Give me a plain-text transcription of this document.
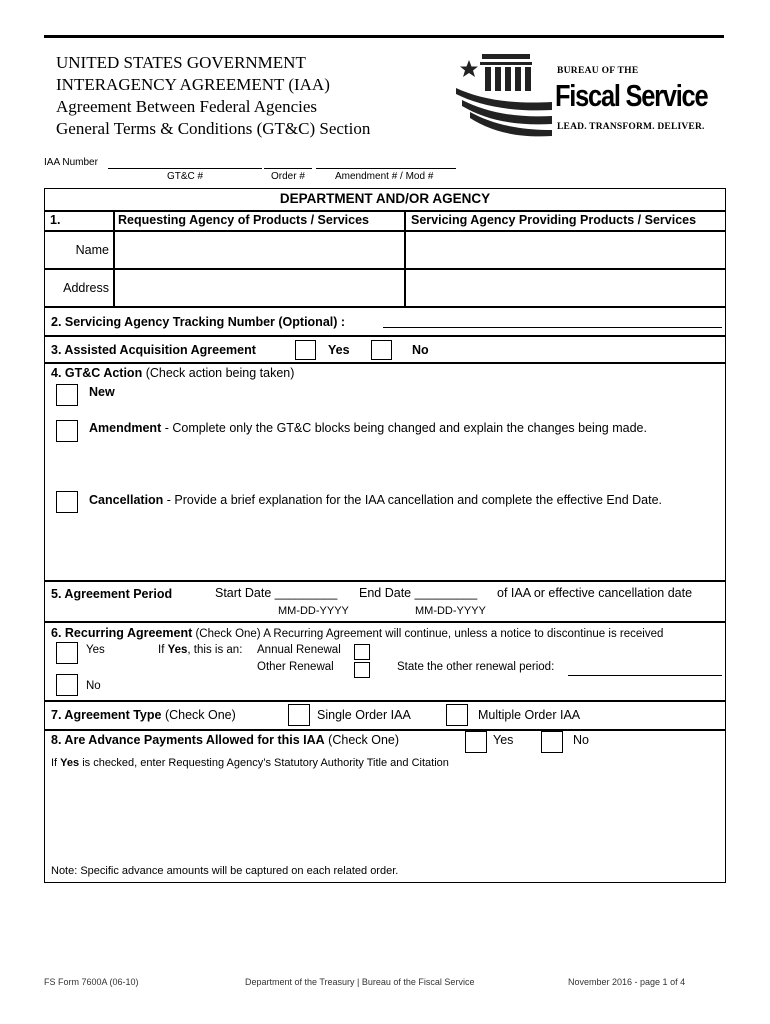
UNITED STATES GOVERNMENT
INTERAGENCY AGREEMENT (IAA)
Agreement Between Federal Agencies
General Terms & Conditions (GT&C) Section
BUREAU OF THE
Fiscal Service
LEAD. TRANSFORM. DELIVER.
IAA Number
GT&C #	Order #	Amendment # / Mod #
DEPARTMENT AND/OR AGENCY
1.	Requesting Agency of Products / Services	Servicing Agency Providing Products / Services
Name
Address
2. Servicing Agency Tracking Number (Optional) :
3. Assisted Acquisition Agreement	Yes	No
4. GT&C Action (Check action being taken)
New
Amendment - Complete only the GT&C blocks being changed and explain the changes being made.
Cancellation - Provide a brief explanation for the IAA cancellation and complete the effective End Date.
5. Agreement Period	Start Date _________ End Date _________ of IAA or effective cancellation date
MM-DD-YYYY	MM-DD-YYYY
6. Recurring Agreement (Check One) A Recurring Agreement will continue, unless a notice to discontinue is received
Yes	If Yes, this is an: Annual Renewal
Other Renewal	State the other renewal period:
No
7. Agreement Type (Check One)	Single Order IAA	Multiple Order IAA
8. Are Advance Payments Allowed for this IAA (Check One)	Yes	No
If Yes is checked, enter Requesting Agency’s Statutory Authority Title and Citation
Note: Specific advance amounts will be captured on each related order.
FS Form 7600A (06-10)	Department of the Treasury | Bureau of the Fiscal Service	November 2016 - page 1 of 4
